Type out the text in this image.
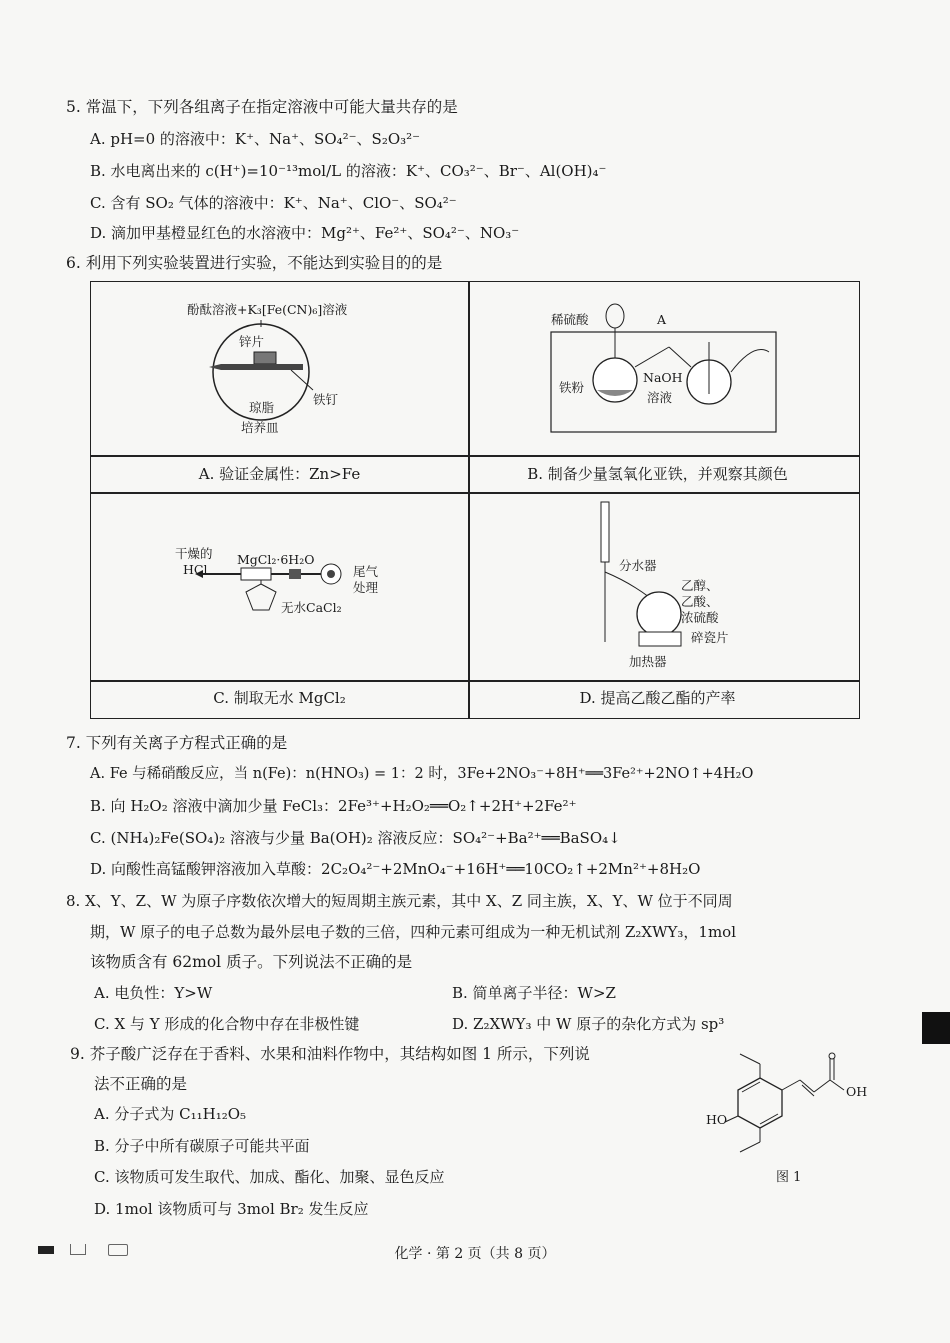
5. 常温下，下列各组离子在指定溶液中可能大量共存的是
A. pH=0 的溶液中：K⁺、Na⁺、SO₄²⁻、S₂O₃²⁻
B. 水电离出来的 c(H⁺)=10⁻¹³mol/L 的溶液：K⁺、CO₃²⁻、Br⁻、Al(OH)₄⁻
C. 含有 SO₂ 气体的溶液中：K⁺、Na⁺、ClO⁻、SO₄²⁻
D. 滴加甲基橙显红色的水溶液中：Mg²⁺、Fe²⁺、SO₄²⁻、NO₃⁻
6. 利用下列实验装置进行实验，不能达到实验目的的是
酚酞溶液+K₃[Fe(CN)₆]溶液
锌片
铁钉
琼脂
培养皿
稀硫酸	A
铁粉
NaOH
溶液
A. 验证金属性：Zn>Fe	B. 制备少量氢氧化亚铁，并观察其颜色
干燥的
HCl
MgCl₂·6H₂O
尾气
处理
无水CaCl₂
分水器
乙醇、
乙酸、
浓硫酸
碎瓷片
加热器
C. 制取无水 MgCl₂	D. 提高乙酸乙酯的产率
7. 下列有关离子方程式正确的是
A. Fe 与稀硝酸反应，当 n(Fe)：n(HNO₃) = 1：2 时，3Fe+2NO₃⁻+8H⁺══3Fe²⁺+2NO↑+4H₂O
B. 向 H₂O₂ 溶液中滴加少量 FeCl₃：2Fe³⁺+H₂O₂══O₂↑+2H⁺+2Fe²⁺
C. (NH₄)₂Fe(SO₄)₂ 溶液与少量 Ba(OH)₂ 溶液反应：SO₄²⁻+Ba²⁺══BaSO₄↓
D. 向酸性高锰酸钾溶液加入草酸：2C₂O₄²⁻+2MnO₄⁻+16H⁺══10CO₂↑+2Mn²⁺+8H₂O
8. X、Y、Z、W 为原子序数依次增大的短周期主族元素，其中 X、Z 同主族，X、Y、W 位于不同周
期，W 原子的电子总数为最外层电子数的三倍，四种元素可组成为一种无机试剂 Z₂XWY₃，1mol
该物质含有 62mol 质子。下列说法不正确的是
A. 电负性：Y>W	B. 简单离子半径：W>Z
C. X 与 Y 形成的化合物中存在非极性键	D. Z₂XWY₃ 中 W 原子的杂化方式为 sp³
9. 芥子酸广泛存在于香料、水果和油料作物中，其结构如图 1 所示，下列说
法不正确的是
A. 分子式为 C₁₁H₁₂O₅
B. 分子中所有碳原子可能共平面
C. 该物质可发生取代、加成、酯化、加聚、显色反应
D. 1mol 该物质可与 3mol Br₂ 发生反应
OH
HO
图 1
化学 · 第 2 页（共 8 页）
